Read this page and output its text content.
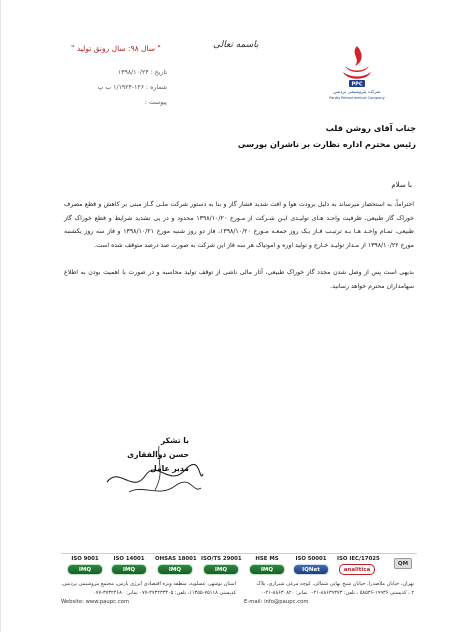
PPC
شرکت پتروشیمی پردیس
Pardis Petrochemical Company
باسمه تعالی
" سال ۹۸: سال رونق تولید "
تاریخ : ۱۳۹۸/۱۰/۲۴
شماره : ۱۲۶-۱/۱۹۲۴ ب پ
پیوست :
جناب آقای روشن قلب
رئیس محترم اداره نظارت بر ناشران بورسی
با سلام
احتراماً، به استحضار میرساند به دلیل برودت هوا و افت شدید فشار گاز و بنا به دستور شرکت ملـی گـاز مبنی بر کاهش و قطع مصرف خوراک گاز طبیعی، ظرفیت واحـد هـای تولیـدی ایـن شـرکت از مـورخ ۱۳۹۸/۱۰/۲۰ محدود و در پی تشدید شرایط و قطع خوراک گاز طبیعی، تمـام واحـد هـا بـه ترتیـب فـاز یـک روز جمعـه مـورخ ۱۳۹۸/۱۰/۲۰، فاز دو روز شنبه مورخ ۱۳۹۸/۱۰/۲۱ و فاز سه روز یکشنبه مورخ ۱۳۹۸/۱۰/۲۲ از مـدار تولیـد خـارج و تولید اوره و امونیاک هر سه فاز این شرکت به صورت صد درصد متوقف شده است.
بدیهی است پس از وصل شدن مجدد گاز خوراک طبیعی، آثار مالی ناشی از توقف تولید محاسبه و در صورت با اهمیت بودن به اطلاع سهامداران محترم خواهد رسانید.
با تشکر
حسن ذوالفقاری
مدیر عامل
ISO 9001
IMQ
ISO 14001
IMQ
OHSAS 18001
IMQ
ISO/TS 29001
IMQ
HSE MS
IMQ
ISO 50001
IQNet
ISO IEC/17025
analitica
QM
تهران، خیابان ملاصدرا، خیابان شیخ بهایی شمالی، کوچه مرغی شیرازی، پلاک ۲ ، کدپستی ۱۹۹۳۶-۵۸۵۳۶ ، تلفن: ۸۸۶۳۹۳۷۳-۲۱-۰ نمابر: ۸۸۶۳۰۸۲۰-۲۱-۰
استان بوشهر، عسلویه، منطقه ویژه اقتصادی انرژی پارس، مجتمع پتروشیمی پردیس، کدپستی ۷۵۱۱۸-۱۱۳۵۵، تلفن: ۳۷۳۲۳۳۳۰۵-۰۷۷ نمابر: ۳۷۳۲۴۶۸۰-۰۷۷
Website: www.paupc.com	E-mail: info@paupc.com
